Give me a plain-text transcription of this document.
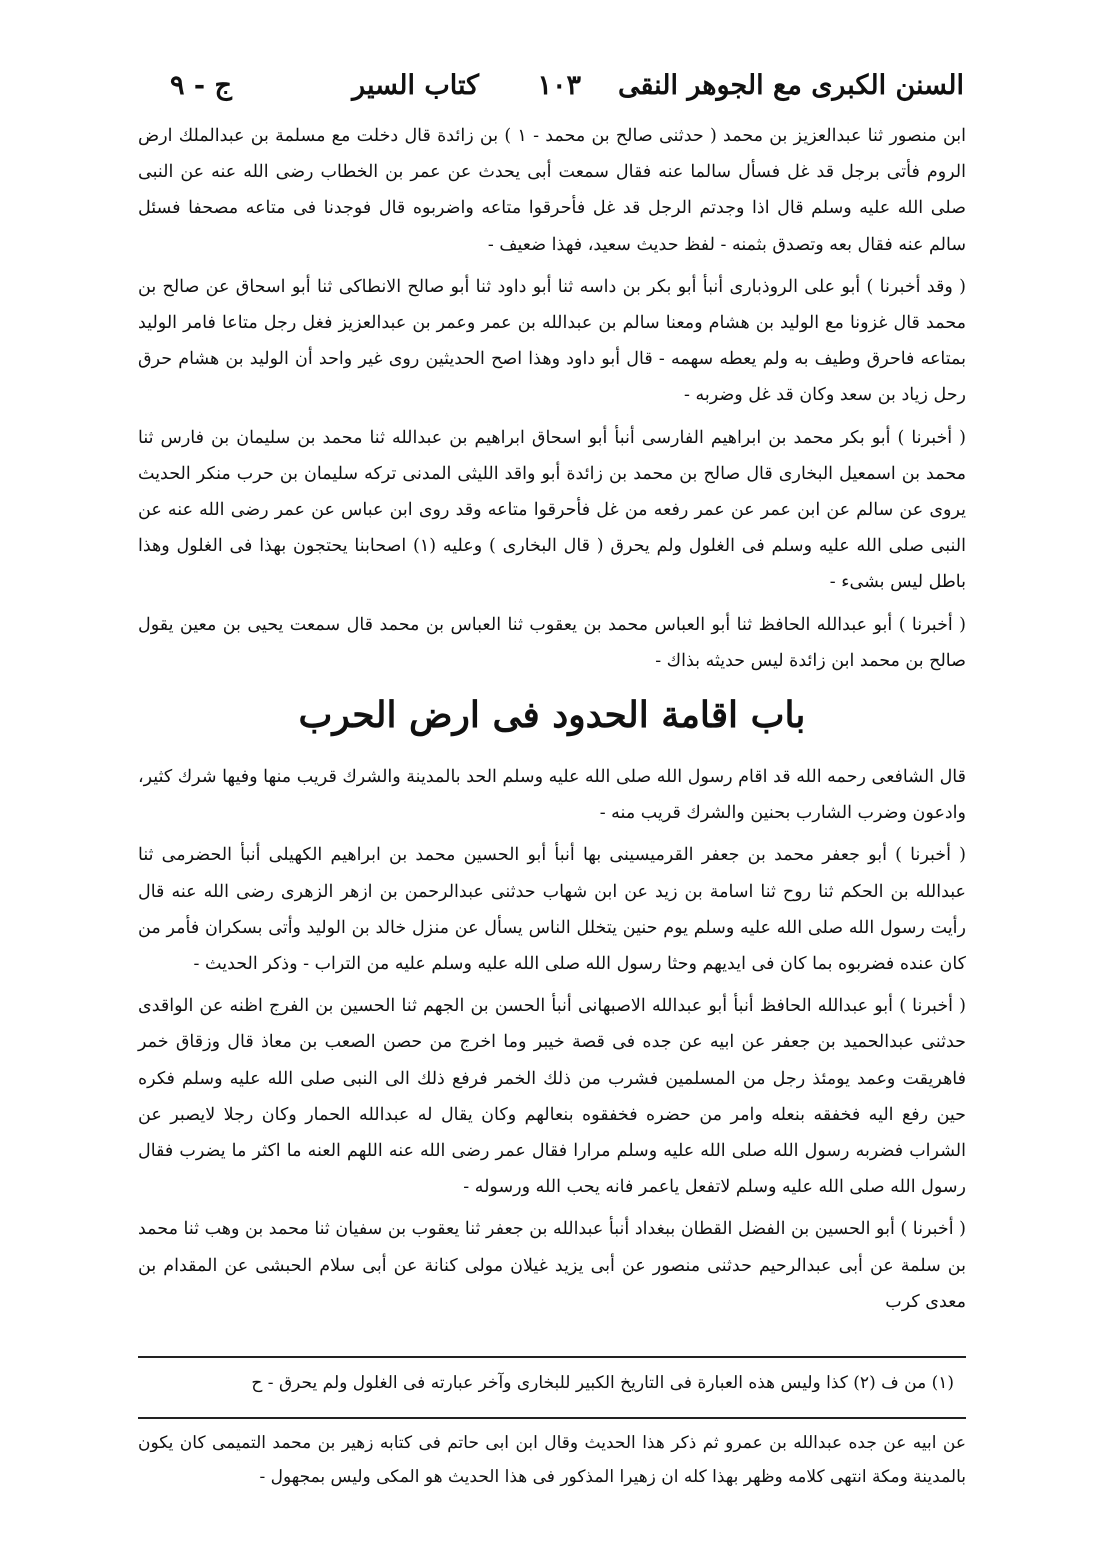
السنن الكبرى مع الجوهر النقى
١٠٣
كتاب السير
ج - ٩

ابن منصور ثنا عبدالعزيز بن محمد ( حدثنى صالح بن محمد - ١ ) بن زائدة قال دخلت مع مسلمة بن عبدالملك ارض الروم فأتى برجل قد غل فسأل سالما عنه فقال سمعت أبى يحدث عن عمر بن الخطاب رضى الله عنه عن النبى صلى الله عليه وسلم قال اذا وجدتم الرجل قد غل فأحرقوا متاعه واضربوه قال فوجدنا فى متاعه مصحفا فسئل سالم عنه فقال بعه وتصدق بثمنه - لفظ حديث سعيد، فهذا ضعيف -

( وقد أخبرنا ) أبو على الروذبارى أنبأ أبو بكر بن داسه ثنا أبو داود ثنا أبو صالح الانطاكى ثنا أبو اسحاق عن صالح بن محمد قال غزونا مع الوليد بن هشام ومعنا سالم بن عبدالله بن عمر وعمر بن عبدالعزيز فغل رجل متاعا فامر الوليد بمتاعه فاحرق وطيف به ولم يعطه سهمه - قال أبو داود وهذا اصح الحديثين روى غير واحد أن الوليد بن هشام حرق رحل زياد بن سعد وكان قد غل وضربه -

( أخبرنا ) أبو بكر محمد بن ابراهيم الفارسى أنبأ أبو اسحاق ابراهيم بن عبدالله ثنا محمد بن سليمان بن فارس ثنا محمد بن اسمعيل البخارى قال صالح بن محمد بن زائدة أبو واقد الليثى المدنى تركه سليمان بن حرب منكر الحديث يروى عن سالم عن ابن عمر عن عمر رفعه من غل فأحرقوا متاعه وقد روى ابن عباس عن عمر رضى الله عنه عن النبى صلى الله عليه وسلم فى الغلول ولم يحرق ( قال البخارى ) وعليه (١) اصحابنا يحتجون بهذا فى الغلول وهذا باطل ليس بشىء -

( أخبرنا ) أبو عبدالله الحافظ ثنا أبو العباس محمد بن يعقوب ثنا العباس بن محمد قال سمعت يحيى بن معين يقول صالح بن محمد ابن زائدة ليس حديثه بذاك -

باب اقامة الحدود فى ارض الحرب

قال الشافعى رحمه الله قد اقام رسول الله صلى الله عليه وسلم الحد بالمدينة والشرك قريب منها وفيها شرك كثير، وادعون وضرب الشارب بحنين والشرك قريب منه -

( أخبرنا ) أبو جعفر محمد بن جعفر القرميسينى بها أنبأ أبو الحسين محمد بن ابراهيم الكهيلى أنبأ الحضرمى ثنا عبدالله بن الحكم ثنا روح ثنا اسامة بن زيد عن ابن شهاب حدثنى عبدالرحمن بن ازهر الزهرى رضى الله عنه قال رأيت رسول الله صلى الله عليه وسلم يوم حنين يتخلل الناس يسأل عن منزل خالد بن الوليد وأتى بسكران فأمر من كان عنده فضربوه بما كان فى ايديهم وحثا رسول الله صلى الله عليه وسلم عليه من التراب - وذكر الحديث -

( أخبرنا ) أبو عبدالله الحافظ أنبأ أبو عبدالله الاصبهانى أنبأ الحسن بن الجهم ثنا الحسين بن الفرج اظنه عن الواقدى حدثنى عبدالحميد بن جعفر عن ابيه عن جده فى قصة خيبر وما اخرج من حصن الصعب بن معاذ قال وزقاق خمر فاهريقت وعمد يومئذ رجل من المسلمين فشرب من ذلك الخمر فرفع ذلك الى النبى صلى الله عليه وسلم فكره حين رفع اليه فخفقه بنعله وامر من حضره فخفقوه بنعالهم وكان يقال له عبدالله الحمار وكان رجلا لايصبر عن الشراب فضربه رسول الله صلى الله عليه وسلم مرارا فقال عمر رضى الله عنه اللهم العنه ما اكثر ما يضرب فقال رسول الله صلى الله عليه وسلم لاتفعل ياعمر فانه يحب الله ورسوله -

( أخبرنا ) أبو الحسين بن الفضل القطان ببغداد أنبأ عبدالله بن جعفر ثنا يعقوب بن سفيان ثنا محمد بن وهب ثنا محمد بن سلمة عن أبى عبدالرحيم حدثنى منصور عن أبى يزيد غيلان مولى كنانة عن أبى سلام الحبشى عن المقدام بن معدى كرب

(١) من ف (٢) كذا وليس هذه العبارة فى التاريخ الكبير للبخارى وآخر عبارته فى الغلول ولم يحرق - ح

عن ابيه عن جده عبدالله بن عمرو ثم ذكر هذا الحديث وقال ابن ابى حاتم فى كتابه زهير بن محمد التميمى كان يكون بالمدينة ومكة انتهى كلامه وظهر بهذا كله ان زهيرا المذكور فى هذا الحديث هو المكى وليس بمجهول -
